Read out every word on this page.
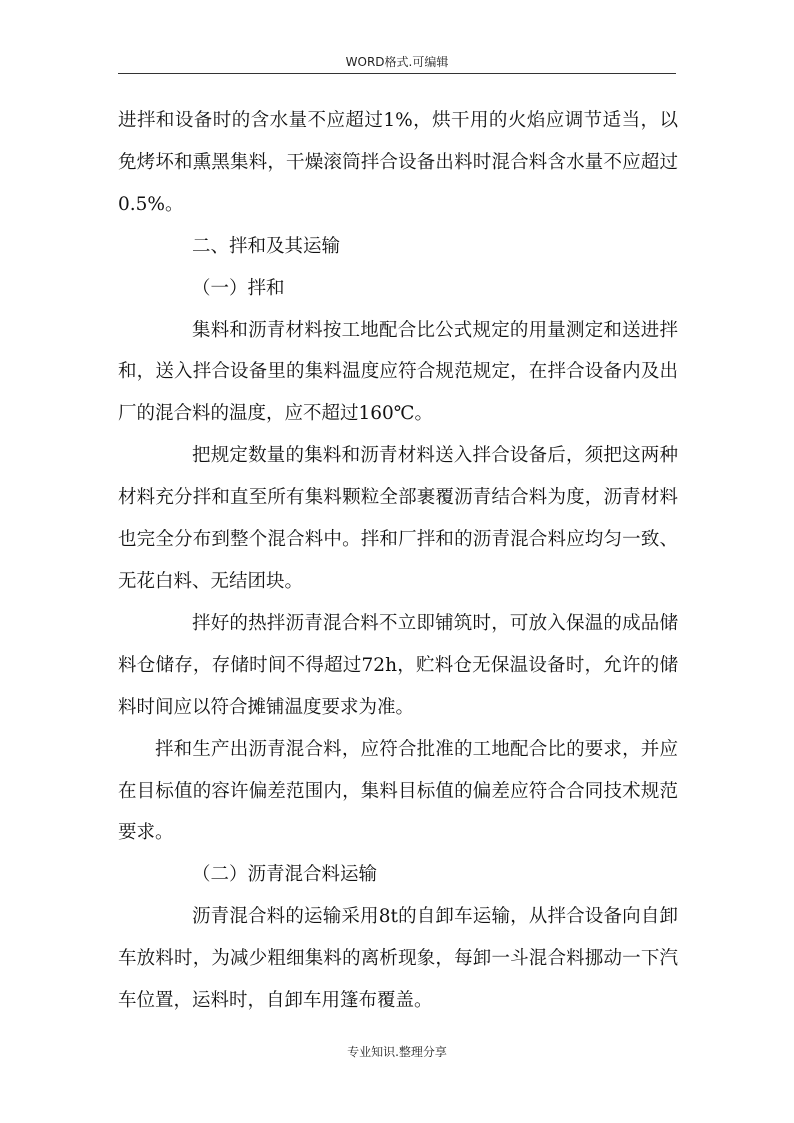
WORD格式.可编辑

进拌和设备时的含水量不应超过1%，烘干用的火焰应调节适当，以免烤坏和熏黑集料，干燥滚筒拌合设备出料时混合料含水量不应超过0.5%。

二、拌和及其运输

（一）拌和

集料和沥青材料按工地配合比公式规定的用量测定和送进拌和，送入拌合设备里的集料温度应符合规范规定，在拌合设备内及出厂的混合料的温度，应不超过160℃。

把规定数量的集料和沥青材料送入拌合设备后，须把这两种材料充分拌和直至所有集料颗粒全部裹覆沥青结合料为度，沥青材料也完全分布到整个混合料中。拌和厂拌和的沥青混合料应均匀一致、无花白料、无结团块。

拌好的热拌沥青混合料不立即铺筑时，可放入保温的成品储料仓储存，存储时间不得超过72h，贮料仓无保温设备时，允许的储料时间应以符合摊铺温度要求为准。

拌和生产出沥青混合料，应符合批准的工地配合比的要求，并应在目标值的容许偏差范围内，集料目标值的偏差应符合合同技术规范要求。

（二）沥青混合料运输

沥青混合料的运输采用8t的自卸车运输，从拌合设备向自卸车放料时，为减少粗细集料的离析现象，每卸一斗混合料挪动一下汽车位置，运料时，自卸车用篷布覆盖。

专业知识.整理分享
